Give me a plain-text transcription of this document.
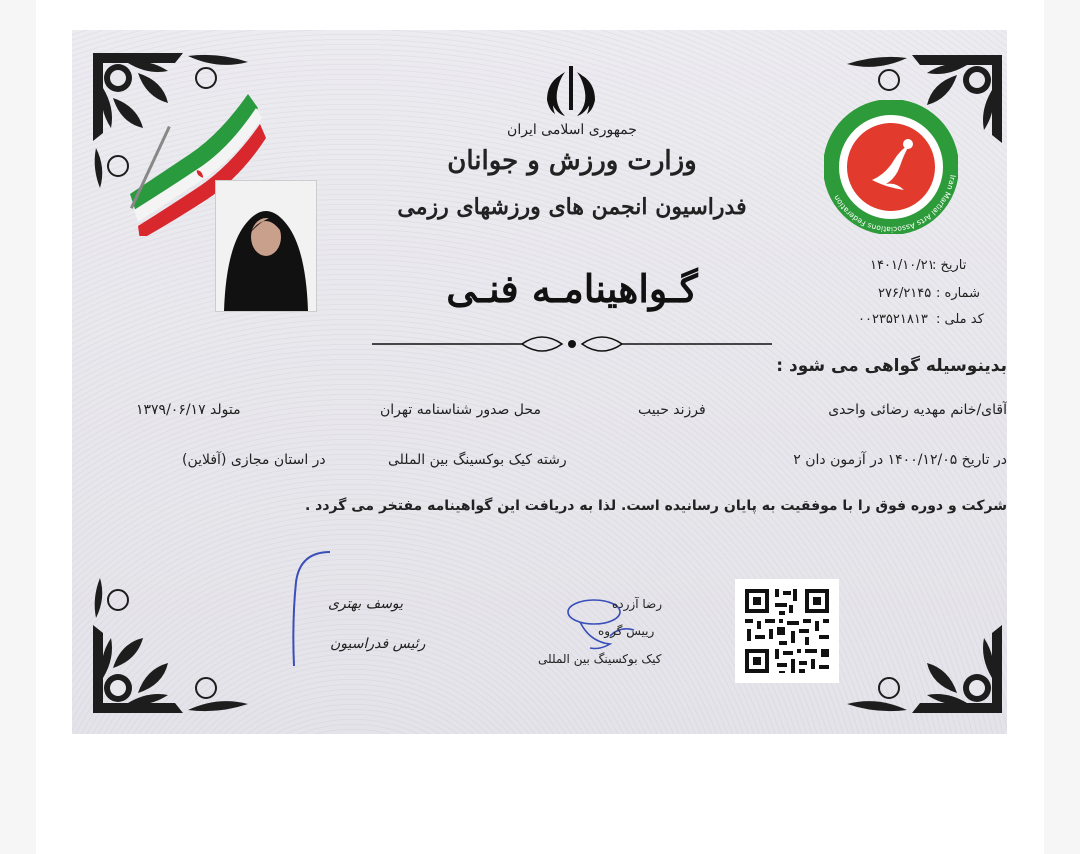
جمهوری اسلامی ایران
وزارت ورزش و جوانان
فدراسیون انجمن های ورزشهای رزمی
گـواهینامـه فنـی
Iran Martial Arts Associations Federation
تاریخ :
۱۴۰۱/۱۰/۲۱
شماره :
۲۷۶/۲۱۴۵
کد ملی :
۰۰۲۳۵۲۱۸۱۳
بدینوسیله گواهی می شود :
آقای/خانم مهدیه رضائی واحدی
فرزند حبیب
محل صدور شناسنامه تهران
متولد ۱۳۷۹/۰۶/۱۷
در تاریخ ۱۴۰۰/۱۲/۰۵ در آزمون دان ۲
رشته کیک بوکسینگ بین المللی
در استان مجازی (آفلاین)
شرکت و دوره فوق را با موفقیت به پایان رسانیده است. لذا به دریافت این گواهینامه مفتخر می گردد .
یوسف بهتری
رئیس فدراسیون
رضا آزرده
رییس گروه
کیک بوکسینگ بین المللی
